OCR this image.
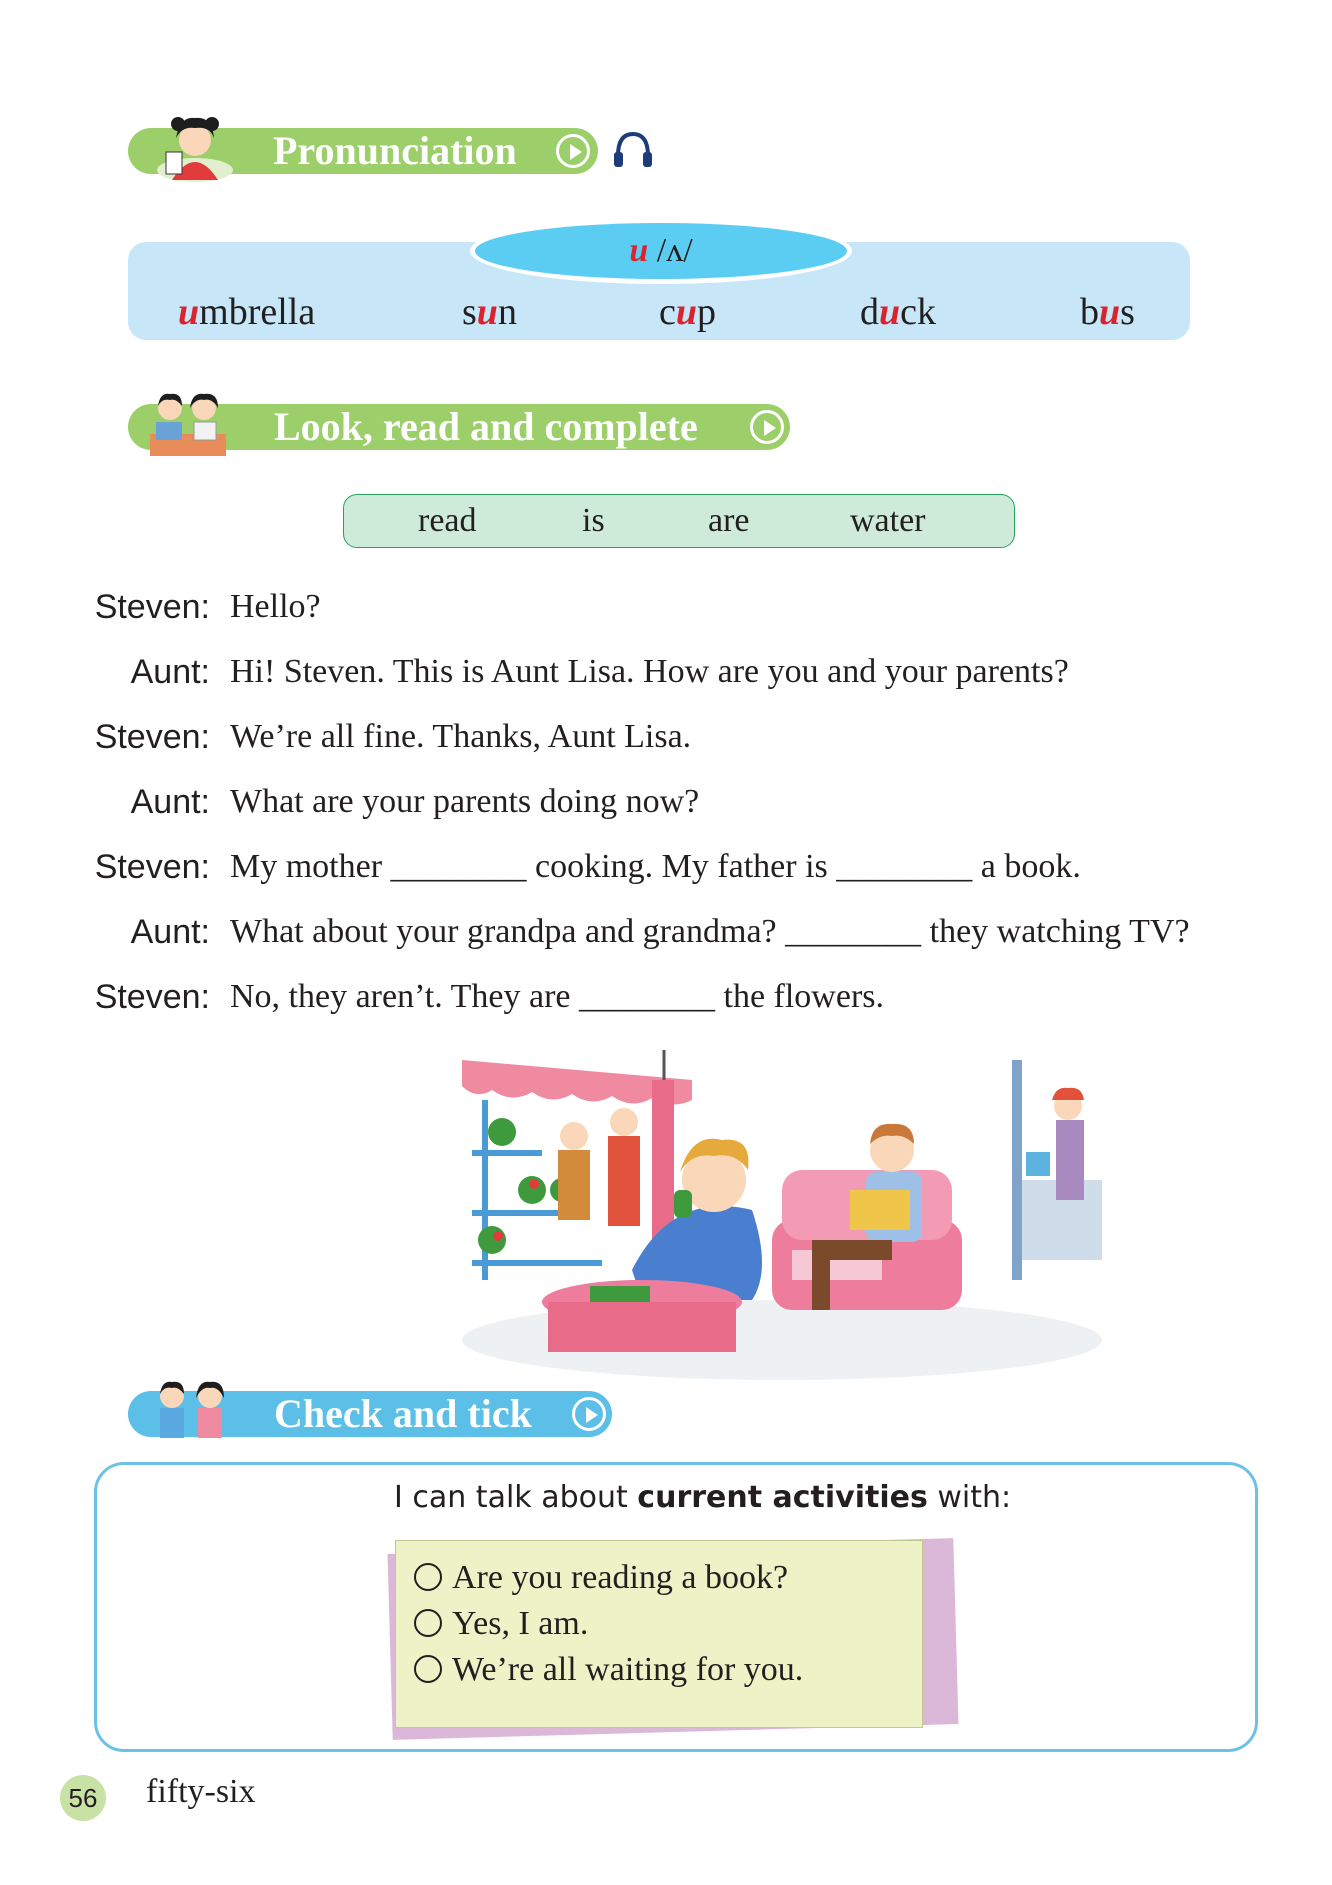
Pronunciation
u /ʌ/
umbrella	sun	cup	duck	bus
Look, read and complete
read	is	are	water
Steven: Hello?
Aunt: Hi! Steven. This is Aunt Lisa. How are you and your parents?
Steven: We’re all fine. Thanks, Aunt Lisa.
Aunt: What are your parents doing now?
Steven: My mother ________ cooking. My father is ________ a book.
Aunt: What about your grandpa and grandma? ________ they watching TV?
Steven: No, they aren’t. They are ________ the flowers.
Check and tick
I can talk about current activities with:
Are you reading a book?
Yes, I am.
We’re all waiting for you.
56 fifty-six
